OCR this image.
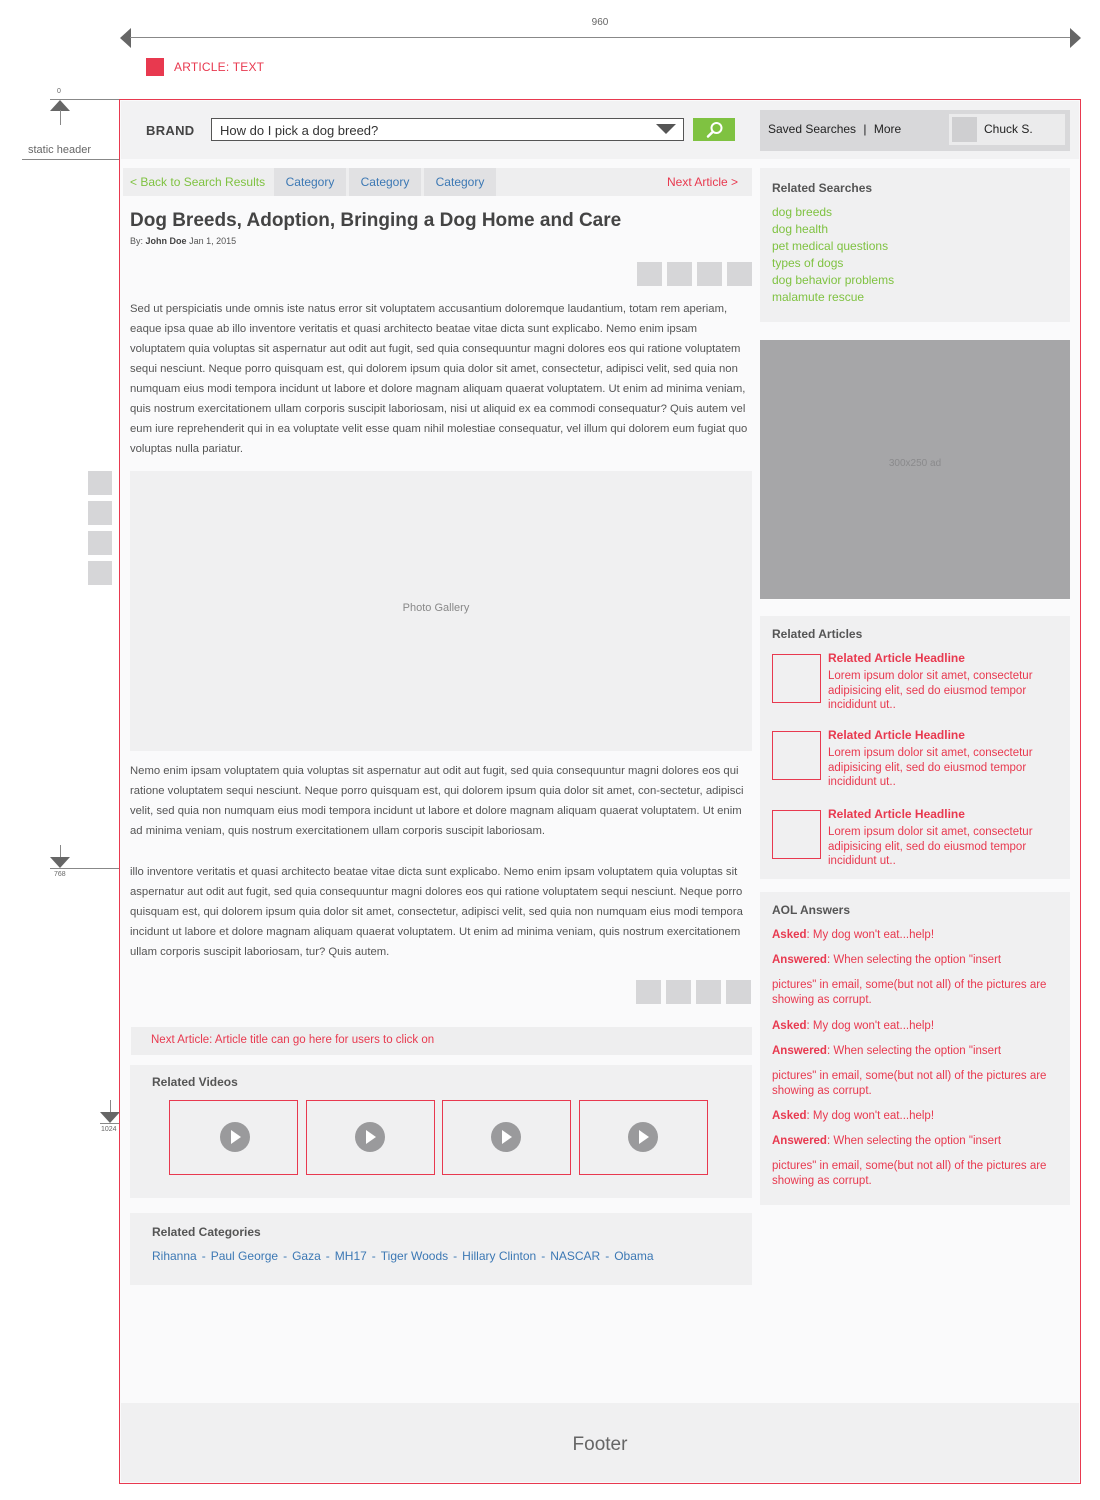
960
ARTICLE: TEXT
0
static header
768
1024
BRAND	How do I pick a dog breed?	Saved Searches | More	Chuck S.
< Back to Search Results	Category	Category	Category	Next Article >
Dog Breeds, Adoption, Bringing a Dog Home and Care
By: John Doe Jan 1, 2015
Sed ut perspiciatis unde omnis iste natus error sit voluptatem accusantium doloremque laudantium, totam rem aperiam, eaque ipsa quae ab illo inventore veritatis et quasi architecto beatae vitae dicta sunt explicabo. Nemo enim ipsam voluptatem quia voluptas sit aspernatur aut odit aut fugit, sed quia consequuntur magni dolores eos qui ratione voluptatem sequi nesciunt. Neque porro quisquam est, qui dolorem ipsum quia dolor sit amet, consectetur, adipisci velit, sed quia non numquam eius modi tempora incidunt ut labore et dolore magnam aliquam quaerat voluptatem. Ut enim ad minima veniam, quis nostrum exercitationem ullam corporis suscipit laboriosam, nisi ut aliquid ex ea commodi consequatur? Quis autem vel eum iure reprehenderit qui in ea voluptate velit esse quam nihil molestiae consequatur, vel illum qui dolorem eum fugiat quo voluptas nulla pariatur.
Photo Gallery
Nemo enim ipsam voluptatem quia voluptas sit aspernatur aut odit aut fugit, sed quia consequuntur magni dolores eos qui ratione voluptatem sequi nesciunt. Neque porro quisquam est, qui dolorem ipsum quia dolor sit amet, con-sectetur, adipisci velit, sed quia non numquam eius modi tempora incidunt ut labore et dolore magnam aliquam quaerat voluptatem. Ut enim ad minima veniam, quis nostrum exercitationem ullam corporis suscipit laboriosam.
illo inventore veritatis et quasi architecto beatae vitae dicta sunt explicabo. Nemo enim ipsam voluptatem quia voluptas sit aspernatur aut odit aut fugit, sed quia consequuntur magni dolores eos qui ratione voluptatem sequi nesciunt. Neque porro quisquam est, qui dolorem ipsum quia dolor sit amet, consectetur, adipisci velit, sed quia non numquam eius modi tempora incidunt ut labore et dolore magnam aliquam quaerat voluptatem. Ut enim ad minima veniam, quis nostrum exercitationem ullam corporis suscipit laboriosam, tur? Quis autem.
Next Article: Article title can go here for users to click on
Related Videos
Related Categories
Rihanna - Paul George - Gaza - MH17 - Tiger Woods - Hillary Clinton - NASCAR - Obama
Related Searches
dog breeds
dog health
pet medical questions
types of dogs
dog behavior problems
malamute rescue
300x250 ad
Related Articles
Related Article Headline
Lorem ipsum dolor sit amet, consectetur adipisicing elit, sed do eiusmod tempor incididunt ut..
Related Article Headline
Lorem ipsum dolor sit amet, consectetur adipisicing elit, sed do eiusmod tempor incididunt ut..
Related Article Headline
Lorem ipsum dolor sit amet, consectetur adipisicing elit, sed do eiusmod tempor incididunt ut..
AOL Answers
Asked: My dog won't eat...help!
Answered: When selecting the option "insert
pictures" in email, some(but not all) of the pictures are showing as corrupt.
Asked: My dog won't eat...help!
Answered: When selecting the option "insert
pictures" in email, some(but not all) of the pictures are showing as corrupt.
Asked: My dog won't eat...help!
Answered: When selecting the option "insert
pictures" in email, some(but not all) of the pictures are showing as corrupt.
Footer
